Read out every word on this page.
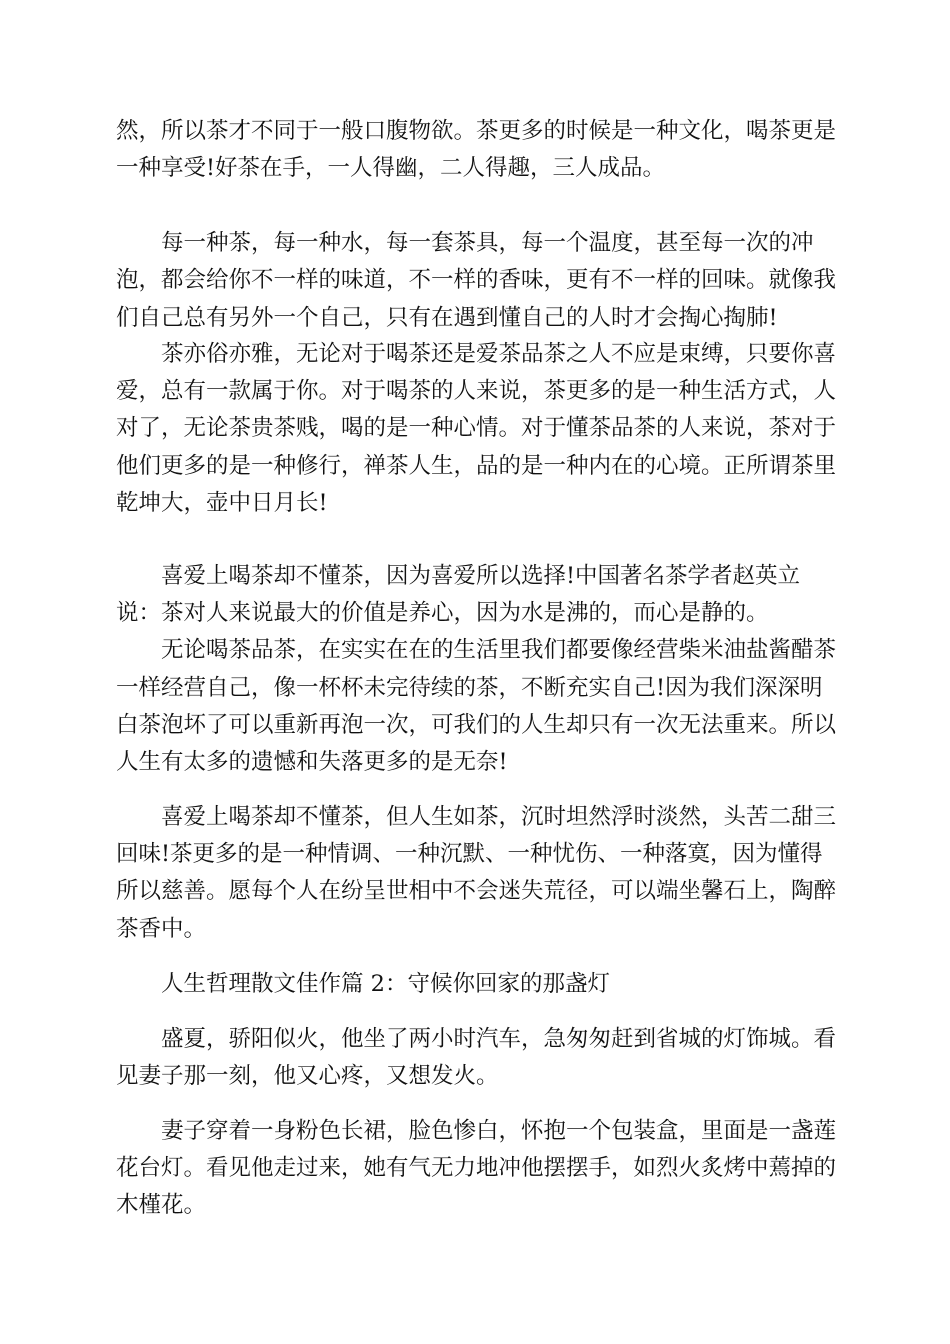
然，所以茶才不同于一般口腹物欲。茶更多的时候是一种文化，喝茶更是
一种享受!好茶在手，一人得幽，二人得趣，三人成品。
每一种茶，每一种水，每一套茶具，每一个温度，甚至每一次的冲
泡，都会给你不一样的味道，不一样的香味，更有不一样的回味。就像我
们自己总有另外一个自己，只有在遇到懂自己的人时才会掏心掏肺!
茶亦俗亦雅，无论对于喝茶还是爱茶品茶之人不应是束缚，只要你喜
爱，总有一款属于你。对于喝茶的人来说，茶更多的是一种生活方式，人
对了，无论茶贵茶贱，喝的是一种心情。对于懂茶品茶的人来说，茶对于
他们更多的是一种修行，禅茶人生，品的是一种内在的心境。正所谓茶里
乾坤大，壶中日月长!
喜爱上喝茶却不懂茶，因为喜爱所以选择!中国著名茶学者赵英立
说：茶对人来说最大的价值是养心，因为水是沸的，而心是静的。
无论喝茶品茶，在实实在在的生活里我们都要像经营柴米油盐酱醋茶
一样经营自己，像一杯杯未完待续的茶，不断充实自己!因为我们深深明
白茶泡坏了可以重新再泡一次，可我们的人生却只有一次无法重来。所以
人生有太多的遗憾和失落更多的是无奈!
喜爱上喝茶却不懂茶，但人生如茶，沉时坦然浮时淡然，头苦二甜三
回味!茶更多的是一种情调、一种沉默、一种忧伤、一种落寞，因为懂得
所以慈善。愿每个人在纷呈世相中不会迷失荒径，可以端坐馨石上，陶醉
茶香中。
人生哲理散文佳作篇 2：守候你回家的那盏灯
盛夏，骄阳似火，他坐了两小时汽车，急匆匆赶到省城的灯饰城。看
见妻子那一刻，他又心疼，又想发火。
妻子穿着一身粉色长裙，脸色惨白，怀抱一个包装盒，里面是一盏莲
花台灯。看见他走过来，她有气无力地冲他摆摆手，如烈火炙烤中蔫掉的
木槿花。
